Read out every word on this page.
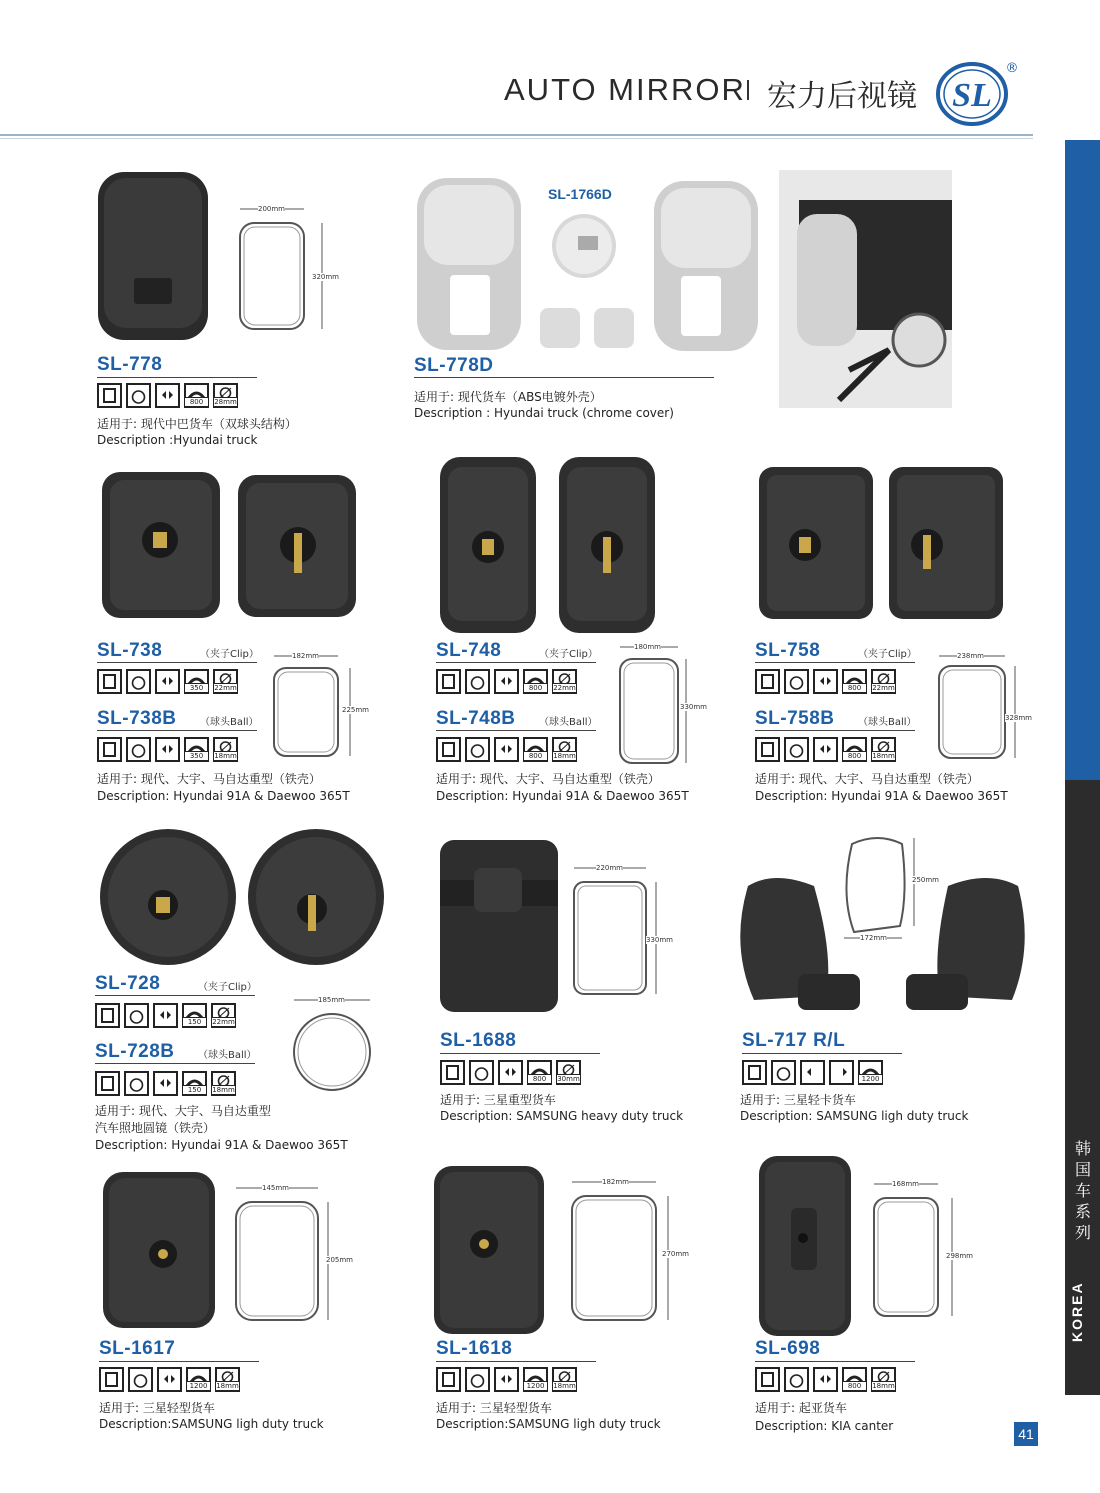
AUTO MIRROR 宏力后视镜 SL
®
韩国车系列
KOREA
41
200mm
320mm
SL-778
800	28mm
适用于: 现代中巴货车（双球头结构）
Description :Hyundai truck
SL-1766D
SL-778D
适用于: 现代货车（ABS电镀外壳）
Description : Hyundai truck (chrome cover)
SL-738	（夹子Clip）
350	22mm
SL-738B （球头Ball）
350	18mm
182mm
225mm
适用于: 现代、大宇、马自达重型（铁壳）
Description: Hyundai 91A & Daewoo 365T
SL-748	（夹子Clip）
800	22mm
SL-748B （球头Ball）
800	18mm
180mm
330mm
适用于: 现代、大宇、马自达重型（铁壳）
Description: Hyundai 91A & Daewoo 365T
SL-758	（夹子Clip）
800	22mm
SL-758B （球头Ball）
800	18mm
238mm
328mm
适用于: 现代、大宇、马自达重型（铁壳）
Description: Hyundai 91A & Daewoo 365T
SL-728	（夹子Clip）
150	22mm
SL-728B （球头Ball）
150	18mm
185mm
适用于: 现代、大宇、马自达重型
汽车照地圆镜（铁壳）
Description: Hyundai 91A & Daewoo 365T
220mm
330mm
SL-1688
800	30mm
适用于: 三星重型货车
Description: SAMSUNG heavy duty truck
250mm
172mm
SL-717 R/L
1200
适用于: 三星轻卡货车
Description: SAMSUNG ligh duty truck
145mm
205mm
SL-1617
1200	18mm
适用于: 三星轻型货车
Description:SAMSUNG ligh duty truck
182mm
270mm
SL-1618
1200	18mm
适用于: 三星轻型货车
Description:SAMSUNG ligh duty truck
168mm
298mm
SL-698
800	18mm
适用于: 起亚货车
Description: KIA canter
